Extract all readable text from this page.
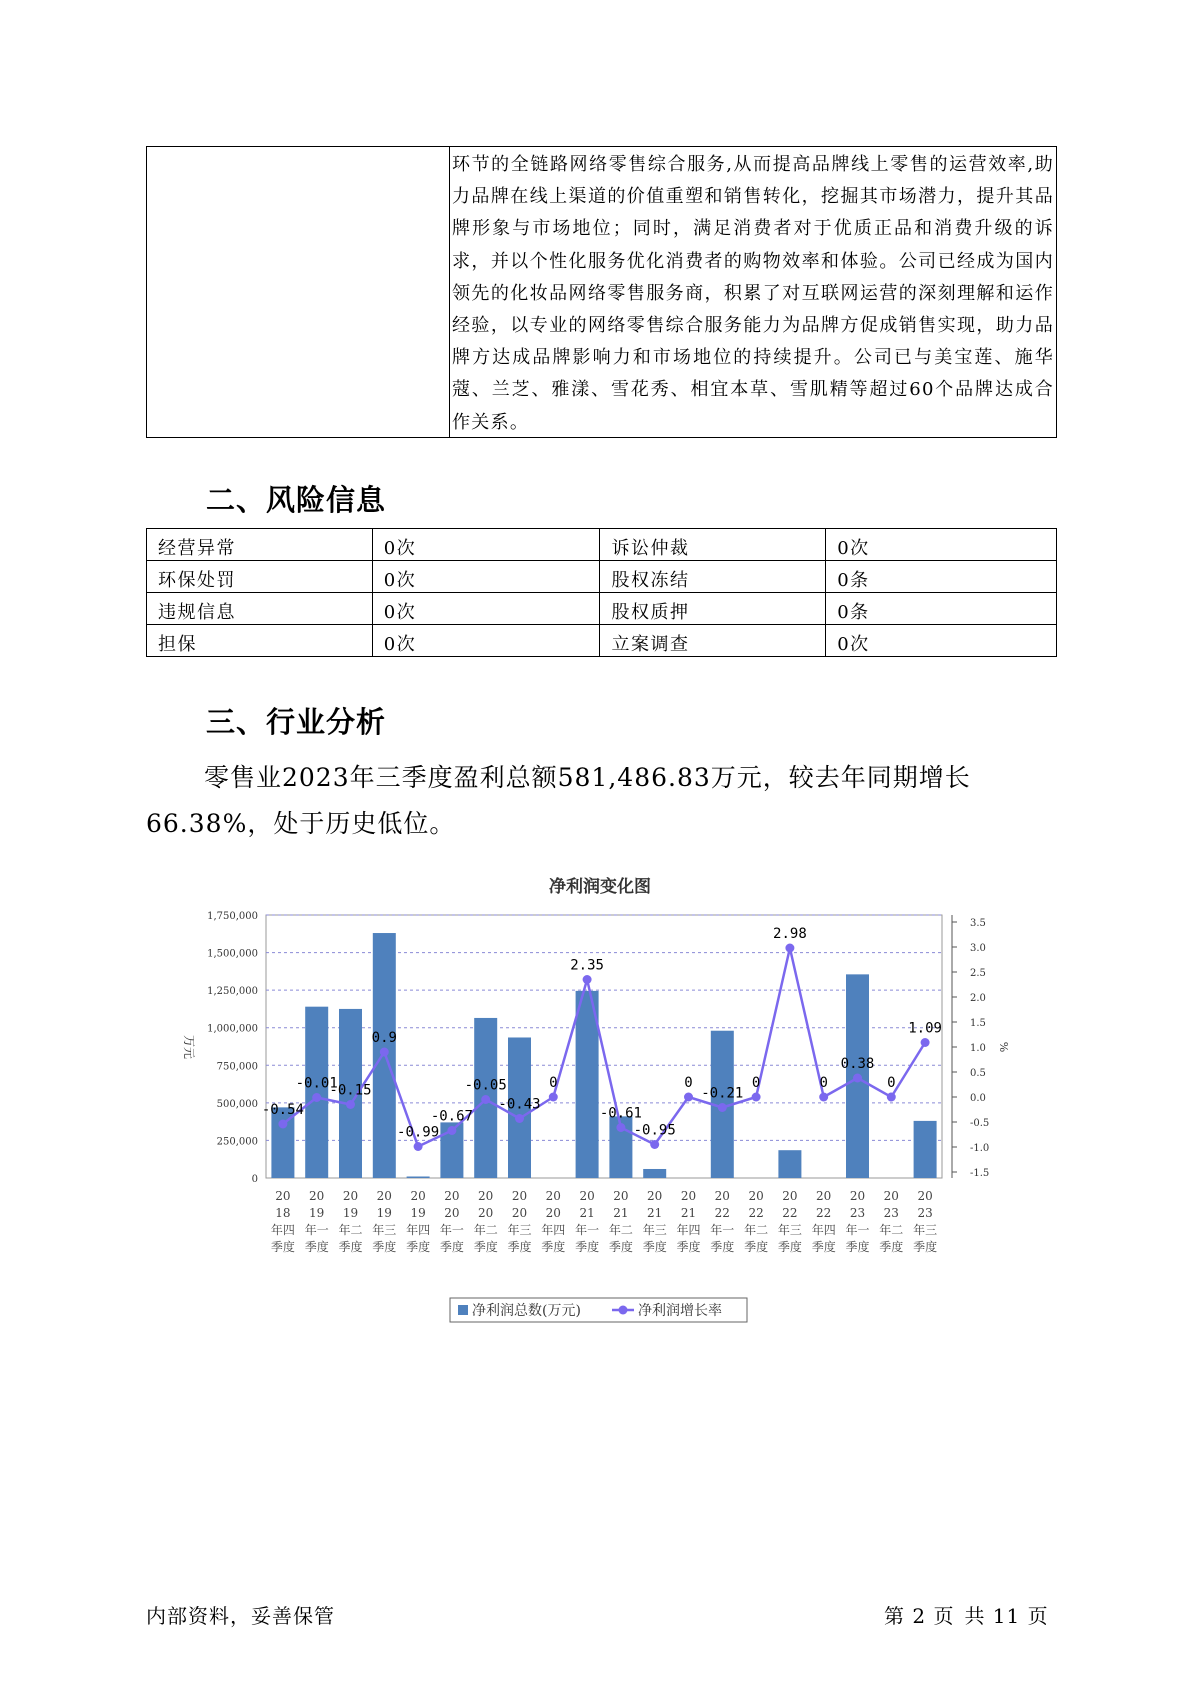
环节的全链路网络零售综合服务,从而提高品牌线上零售的运营效率,助力品牌在线上渠道的价值重塑和销售转化，挖掘其市场潜力，提升其品牌形象与市场地位；同时，满足消费者对于优质正品和消费升级的诉求，并以个性化服务优化消费者的购物效率和体验。公司已经成为国内领先的化妆品网络零售服务商，积累了对互联网运营的深刻理解和运作经验，以专业的网络零售综合服务能力为品牌方促成销售实现，助力品牌方达成品牌影响力和市场地位的持续提升。公司已与美宝莲、施华蔻、兰芝、雅漾、雪花秀、相宜本草、雪肌精等超过60个品牌达成合作关系。
二、风险信息
经营异常	0次	诉讼仲裁	0次
环保处罚	0次	股权冻结	0条
违规信息	0次	股权质押	0条
担保	0次	立案调查	0次
三、行业分析
零售业2023年三季度盈利总额581,486.83万元，较去年同期增长66.38%，处于历史低位。
净利润变化图
0
250,000
500,000
750,000
1,000,000
1,250,000
1,500,000
1,750,000
万元
-1.5
-1.0
-0.5
0.0
0.5
1.0
1.5
2.0
2.5
3.0
3.5
%
-0.54
-0.01
-0.15
0.9
-0.99
-0.67
-0.05
-0.43
0
2.35
-0.61
-0.95
0
-0.21
0
2.98
0
0.38
0
1.09
20 18 年四季度
20 19 年一季度
20 19 年二季度
20 19 年三季度
20 19 年四季度
20 20 年一季度
20 20 年二季度
20 20 年三季度
20 20 年四季度
20 21 年一季度
20 21 年二季度
20 21 年三季度
20 21 年四季度
20 22 年一季度
20 22 年二季度
20 22 年三季度
20 22 年四季度
20 23 年一季度
20 23 年二季度
20 23 年三季度
净利润总数(万元)	净利润增长率
内部资料，妥善保管	第 2 页 共 11 页
